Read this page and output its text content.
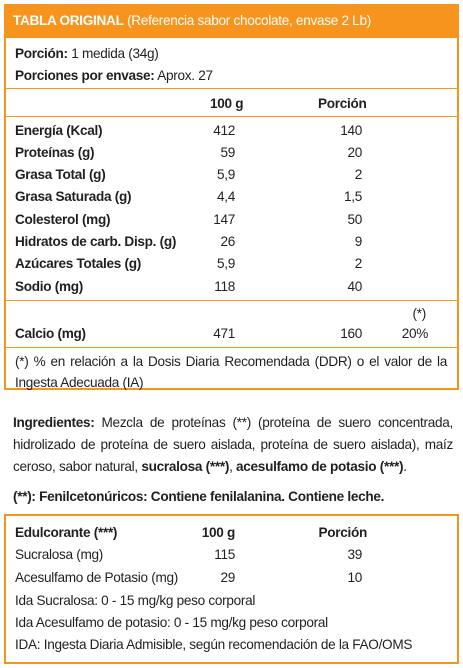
TABLA ORIGINAL (Referencia sabor chocolate, envase 2 Lb)
Porción: 1 medida (34g)
Porciones por envase: Aprox. 27
100 g	Porción
Energía (Kcal)	412	140
Proteínas (g)	59	20
Grasa Total (g)	5,9	2
Grasa Saturada (g)	4,4	1,5
Colesterol (mg)	147	50
Hidratos de carb. Disp. (g)	26	9
Azúcares Totales (g)	5,9	2
Sodio (mg)	118	40
(*)
Calcio (mg)	471	160	20%
(*) % en relación a la Dosis Diaria Recomendada (DDR) o el valor de la Ingesta Adecuada (IA)
Ingredientes: Mezcla de proteínas (**) (proteína de suero concentrada, hidrolizado de proteína de suero aislada, proteína de suero aislada), maíz ceroso, sabor natural, sucralosa (***), acesulfamo de potasio (***).
(**): Fenilcetonúricos: Contiene fenilalanina. Contiene leche.
Edulcorante (***)	100 g	Porción
Sucralosa (mg)	115	39
Acesulfamo de Potasio (mg)	29	10
Ida Sucralosa: 0 - 15 mg/kg peso corporal
Ida Acesulfamo de potasio: 0 - 15 mg/kg peso corporal
IDA: Ingesta Diaria Admisible, según recomendación de la FAO/OMS
